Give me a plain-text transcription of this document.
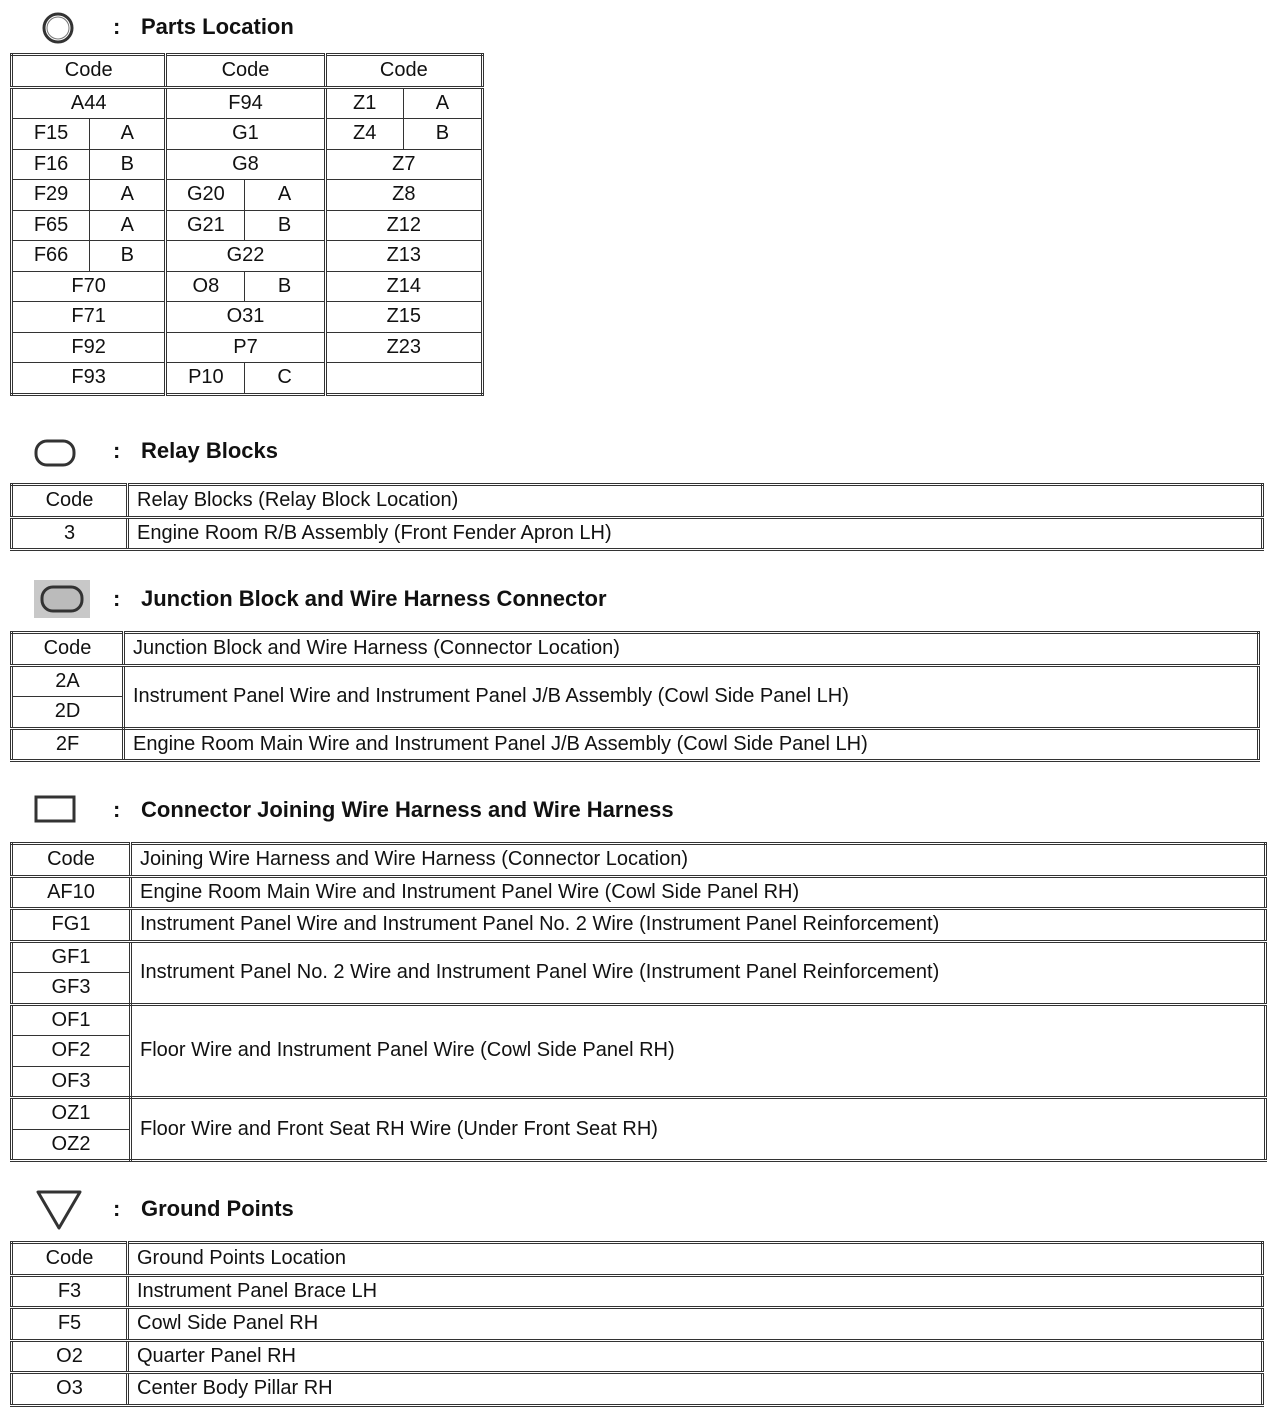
: Parts Location
Code		Code		Code	
A44		F94		Z1	A
F15	A	G1		Z4	B
F16	B	G8		Z7	
F29	A	G20	A	Z8	
F65	A	G21	B	Z12	
F66	B	G22		Z13	
F70		O8	B	Z14	
F71		O31		Z15	
F92		P7		Z23	
F93		P10	C		
: Relay Blocks
Code	Relay Blocks (Relay Block Location)
3	Engine Room R/B Assembly (Front Fender Apron LH)
: Junction Block and Wire Harness Connector
Code	Junction Block and Wire Harness (Connector Location)
2A	Instrument Panel Wire and Instrument Panel J/B Assembly (Cowl Side Panel LH)
2D	
2F	Engine Room Main Wire and Instrument Panel J/B Assembly (Cowl Side Panel LH)
: Connector Joining Wire Harness and Wire Harness
Code	Joining Wire Harness and Wire Harness (Connector Location)
AF10	Engine Room Main Wire and Instrument Panel Wire (Cowl Side Panel RH)
FG1	Instrument Panel Wire and Instrument Panel No. 2 Wire (Instrument Panel Reinforcement)
GF1	Instrument Panel No. 2 Wire and Instrument Panel Wire (Instrument Panel Reinforcement)
GF3	
OF1	Floor Wire and Instrument Panel Wire (Cowl Side Panel RH)
OF2	
OF3	
OZ1	Floor Wire and Front Seat RH Wire (Under Front Seat RH)
OZ2	
: Ground Points
Code	Ground Points Location
F3	Instrument Panel Brace LH
F5	Cowl Side Panel RH
O2	Quarter Panel RH
O3	Center Body Pillar RH
